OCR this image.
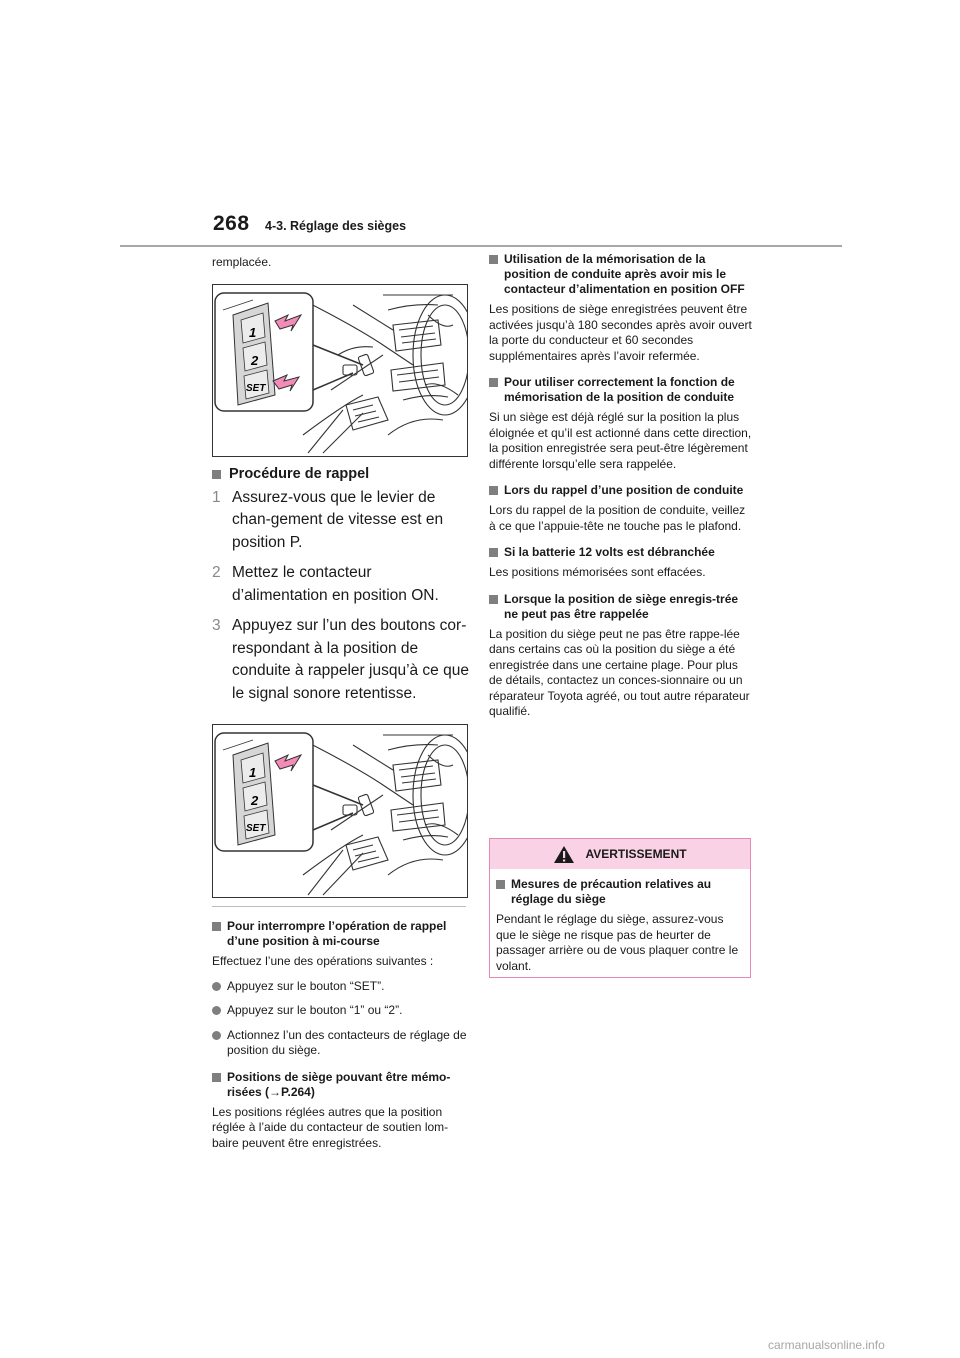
268 4-3. Réglage des sièges

remplacée.

1
2
SET
Procédure de rappel
1 Assurez-vous que le levier de chan-gement de vitesse est en position P.
2 Mettez le contacteur d’alimentation en position ON.
3 Appuyez sur l’un des boutons cor-respondant à la position de conduite à rappeler jusqu’à ce que le signal sonore retentisse.
1
2
SET
Pour interrompre l’opération de rappel d’une position à mi-course

Effectuez l’une des opérations suivantes :

Appuyez sur le bouton “SET”.
Appuyez sur le bouton “1” ou “2”.
Actionnez l’un des contacteurs de réglage de position du siège.
Positions de siège pouvant être mémo-risées (→P.264)

Les positions réglées autres que la position réglée à l’aide du contacteur de soutien lom-baire peuvent être enregistrées.

Utilisation de la mémorisation de la position de conduite après avoir mis le contacteur d’alimentation en position OFF

Les positions de siège enregistrées peuvent être activées jusqu’à 180 secondes après avoir ouvert la porte du conducteur et 60 secondes supplémentaires après l’avoir refermée.

Pour utiliser correctement la fonction de mémorisation de la position de conduite

Si un siège est déjà réglé sur la position la plus éloignée et qu’il est actionné dans cette direction, la position enregistrée sera peut-être légèrement différente lorsqu’elle sera rappelée.

Lors du rappel d’une position de conduite

Lors du rappel de la position de conduite, veillez à ce que l’appuie-tête ne touche pas le plafond.

Si la batterie 12 volts est débranchée

Les positions mémorisées sont effacées.

Lorsque la position de siège enregis-trée ne peut pas être rappelée

La position du siège peut ne pas être rappe-lée dans certains cas où la position du siège a été enregistrée dans une certaine plage. Pour plus de détails, contactez un conces-sionnaire ou un réparateur Toyota agréé, ou tout autre réparateur qualifié.

AVERTISSEMENT
Mesures de précaution relatives au réglage du siège

Pendant le réglage du siège, assurez-vous que le siège ne risque pas de heurter de passager arrière ou de vous plaquer contre le volant.

carmanualsonline.info
